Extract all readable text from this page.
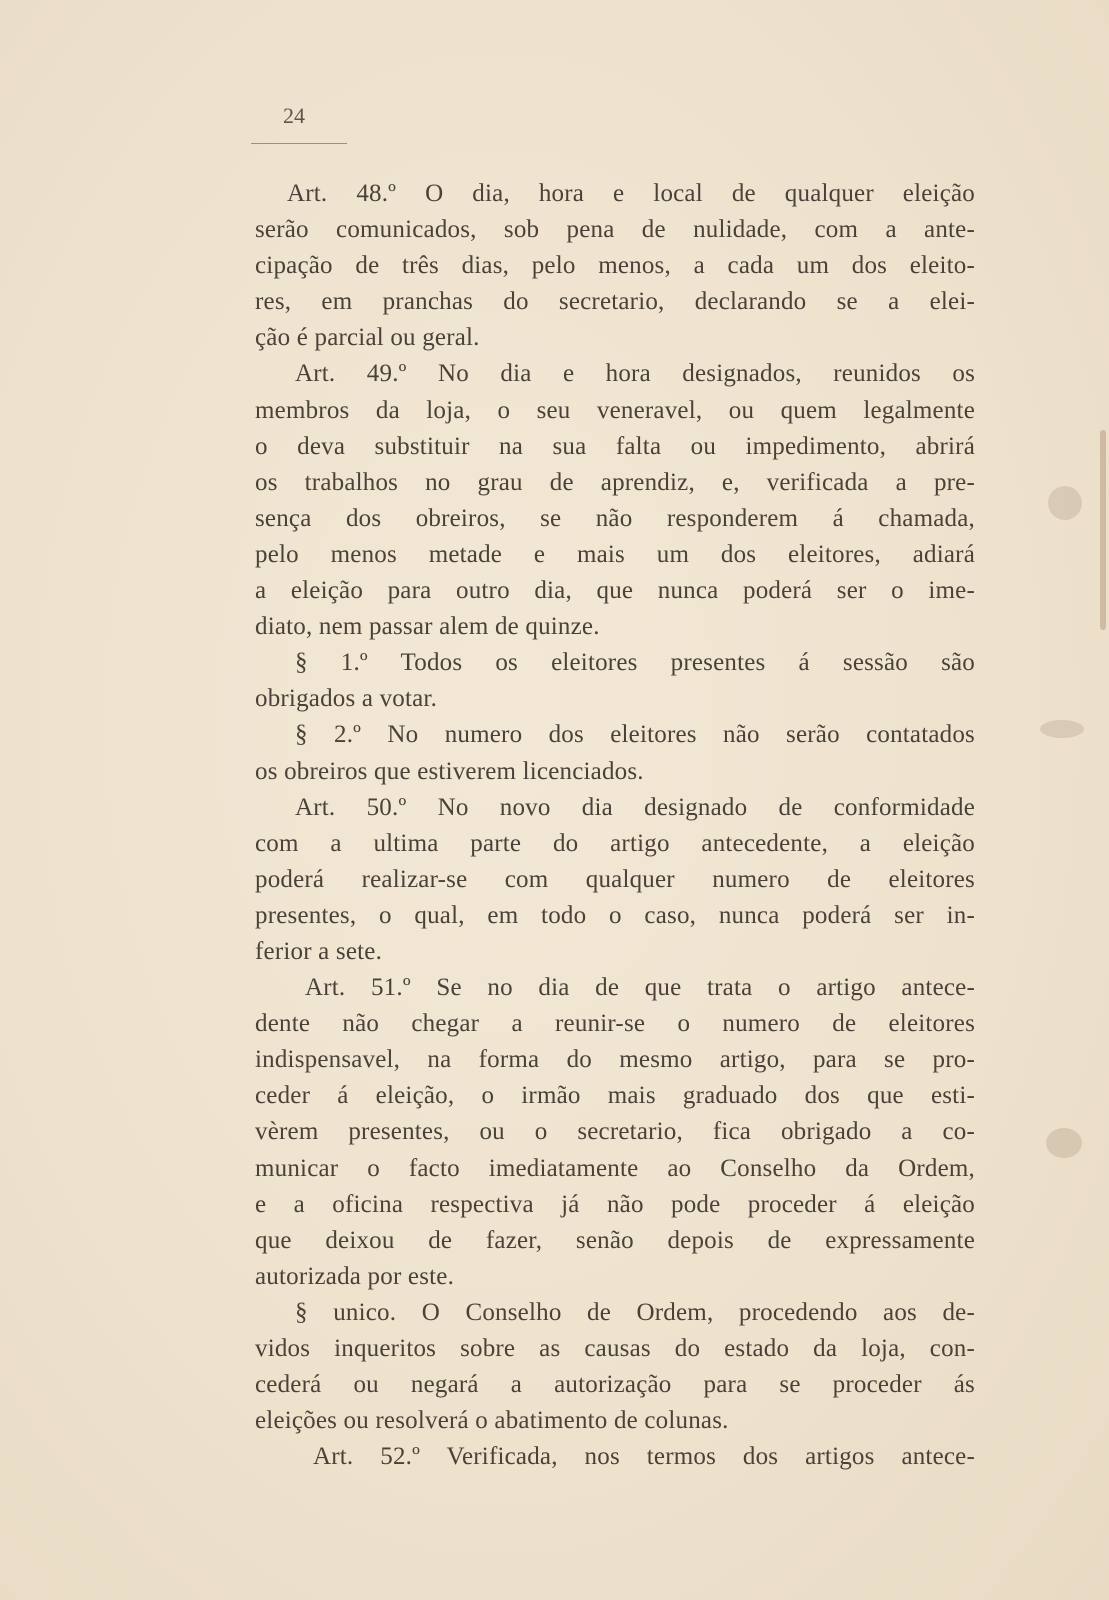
24
Art. 48.º O dia, hora e local de qualquer eleição
serão comunicados, sob pena de nulidade, com a ante-
cipação de três dias, pelo menos, a cada um dos eleito-
res, em pranchas do secretario, declarando se a elei-
ção é parcial ou geral.
Art. 49.º No dia e hora designados, reunidos os
membros da loja, o seu veneravel, ou quem legalmente
o deva substituir na sua falta ou impedimento, abrirá
os trabalhos no grau de aprendiz, e, verificada a pre-
sença dos obreiros, se não responderem á chamada,
pelo menos metade e mais um dos eleitores, adiará
a eleição para outro dia, que nunca poderá ser o ime-
diato, nem passar alem de quinze.
§ 1.º Todos os eleitores presentes á sessão são
obrigados a votar.
§ 2.º No numero dos eleitores não serão contatados
os obreiros que estiverem licenciados.
Art. 50.º No novo dia designado de conformidade
com a ultima parte do artigo antecedente, a eleição
poderá realizar-se com qualquer numero de eleitores
presentes, o qual, em todo o caso, nunca poderá ser in-
ferior a sete.
Art. 51.º Se no dia de que trata o artigo antece-
dente não chegar a reunir-se o numero de eleitores
indispensavel, na forma do mesmo artigo, para se pro-
ceder á eleição, o irmão mais graduado dos que esti-
vèrem presentes, ou o secretario, fica obrigado a co-
municar o facto imediatamente ao Conselho da Ordem,
e a oficina respectiva já não pode proceder á eleição
que deixou de fazer, senão depois de expressamente
autorizada por este.
§ unico. O Conselho de Ordem, procedendo aos de-
vidos inqueritos sobre as causas do estado da loja, con-
cederá ou negará a autorização para se proceder ás
eleições ou resolverá o abatimento de colunas.
Art. 52.º Verificada, nos termos dos artigos antece-
